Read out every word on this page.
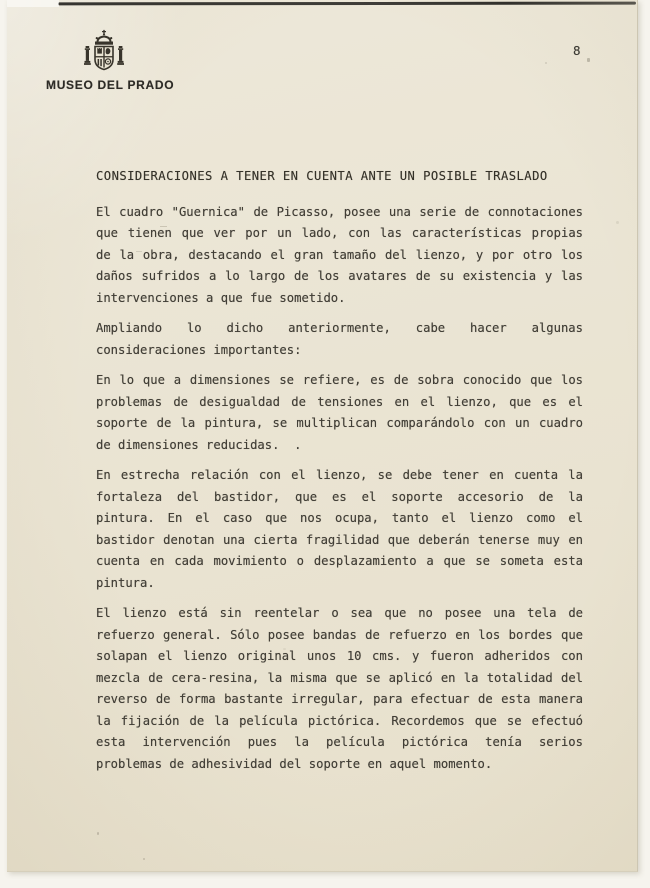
MUSEO DEL PRADO
8
CONSIDERACIONES A TENER EN CUENTA ANTE UN POSIBLE TRASLADO
El cuadro "Guernica" de Picasso, posee una serie de connotaciones
que tienen que ver por un lado, con las características propias
de la obra, destacando el gran tamaño del lienzo, y por otro los
daños sufridos a lo largo de los avatares de su existencia y las
intervenciones a que fue sometido.
Ampliando lo dicho anteriormente, cabe hacer algunas
consideraciones importantes:
En lo que a dimensiones se refiere, es de sobra conocido que los
problemas de desigualdad de tensiones en el lienzo, que es el
soporte de la pintura, se multiplican comparándolo con un cuadro
de dimensiones reducidas.  .
En estrecha relación con el lienzo, se debe tener en cuenta la
fortaleza del bastidor, que es el soporte accesorio de la
pintura. En el caso que nos ocupa, tanto el lienzo como el
bastidor denotan una cierta fragilidad que deberán tenerse muy en
cuenta en cada movimiento o desplazamiento a que se someta esta
pintura.
El lienzo está sin reentelar o sea que no posee una tela de
refuerzo general. Sólo posee bandas de refuerzo en los bordes que
solapan el lienzo original unos 10 cms. y fueron adheridos con
mezcla de cera-resina, la misma que se aplicó en la totalidad del
reverso de forma bastante irregular, para efectuar de esta manera
la fijación de la película pictórica. Recordemos que se efectuó
esta intervención pues la película pictórica tenía serios
problemas de adhesividad del soporte en aquel momento.
